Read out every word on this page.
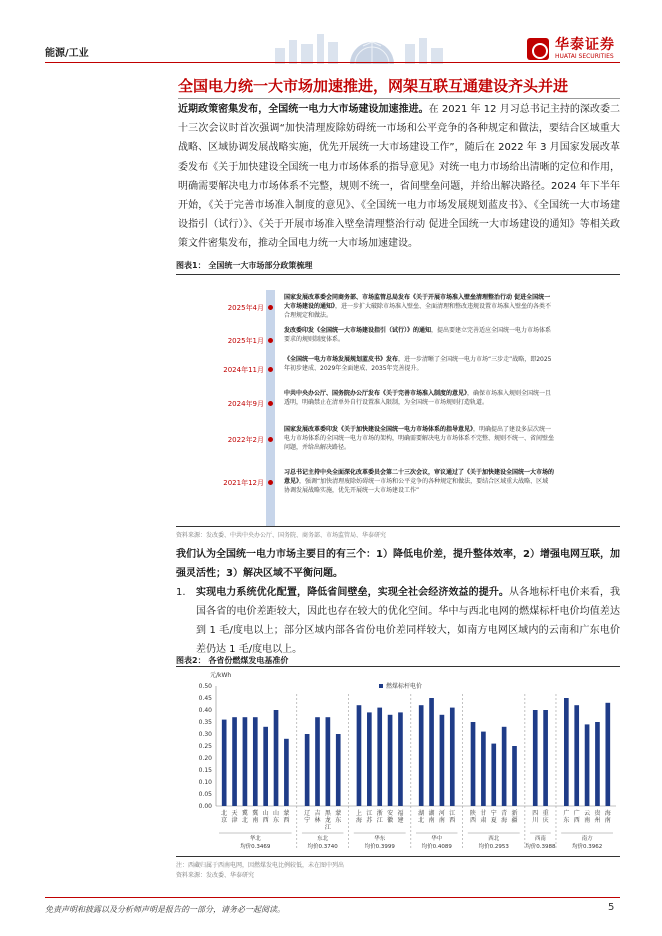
能源/工业
华泰证券
HUATAI SECURITIES
全国电力统一大市场加速推进，网架互联互通建设齐头并进
近期政策密集发布，全国统一电力大市场建设加速推进。在 2021 年 12 月习总书记主持的深改委二十三次会议时首次强调“加快清理废除妨碍统一市场和公平竞争的各种规定和做法，要结合区域重大战略、区域协调发展战略实施，优先开展统一大市场建设工作”，随后在 2022 年 3 月国家发展改革委发布《关于加快建设全国统一电力市场体系的指导意见》对统一电力市场给出清晰的定位和作用，明确需要解决电力市场体系不完整，规则不统一，省间壁垒问题，并给出解决路径。2024 年下半年开始，《关于完善市场准入制度的意见》、《全国统一电力市场发展规划蓝皮书》、《全国统一大市场建设指引（试行）》、《关于开展市场准入壁垒清理整治行动 促进全国统一大市场建设的通知》等相关政策文件密集发布，推动全国电力统一大市场加速建设。
图表1： 全国统一大市场部分政策梳理
2025年4月
国家发展改革委会同商务部、市场监管总局发布《关于开展市场准入壁垒清理整治行动 促进全国统一大市场建设的通知》，进一步扩大破除市场准入壁垒、全面清理和整改违规设置市场准入壁垒的各类不合理规定和做法。
2025年1月
发改委印发《全国统一大市场建设指引（试行）》的通知，提出要建立完善适应全国统一电力市场体系要求的规则制度体系。
2024年11月
《全国统一电力市场发展规划蓝皮书》发布，进一步清晰了全国统一电力市场“三步走”战略，即2025年初步建成、2029年全面建成、2035年完善提升。
2024年9月
中共中央办公厅、国务院办公厅发布《关于完善市场准入制度的意见》，确保市场准入规则全国统一且透明，明确禁止在清单外自行设置准入限制，为全国统一市场规则打造轨道。
2022年2月
国家发展改革委印发《关于加快建设全国统一电力市场体系的指导意见》，明确提出了建设多层次统一电力市场体系的全国统一电力市场的架构，明确需要解决电力市场体系不完整、规则不统一、省间壁垒问题，并给出解决路径。
2021年12月
习总书记主持中央全面深化改革委员会第二十三次会议，审议通过了《关于加快建设全国统一大市场的意见》，强调“加快清理废除妨碍统一市场和公平竞争的各种规定和做法，要结合区域重大战略、区域协调发展战略实施，优先开展统一大市场建设工作”
资料来源：发改委、中共中央办公厅、国务院、商务部、市场监管局、华泰研究
我们认为全国统一电力市场主要目的有三个：1）降低电价差，提升整体效率，2）增强电网互联，加强灵活性；3）解决区域不平衡问题。
1. 实现电力系统优化配置，降低省间壁垒，实现全社会经济效益的提升。从各地标杆电价来看，我国各省的电价差距较大，因此也存在较大的优化空间。华中与西北电网的燃煤标杆电价均值差达到 1 毛/度电以上；部分区域内部各省份电价差同样较大，如南方电网区域内的云南和广东电价差仍达 1 毛/度电以上。
图表2： 各省份燃煤发电基准价
元/kWh
0.00
0.05
0.10
0.15
0.20
0.25
0.30
0.35
0.40
0.45
0.50	燃煤标杆电价
北
京
天
津
冀
北
冀
南
山
西
山
东
蒙
西
华北
均价0.3469
辽
宁
吉
林
黑
龙
江
蒙
东
东北
均价0.3740
上
海
江
苏
浙
江
安
徽
福
建
华东
均价0.3999
湖
北
湖
南
河
南
江
西
华中
均价0.4089
陕
西
甘
肃
宁
夏
青
海
新
疆
西北
均价0.2953
四
川
重
庆
西南
均价0.3988
广
东
广
西
云
南
贵
州
海
南
南方
均价0.3962
注：西藏归属于西南电网，因燃煤发电比例较低，未在图中列出
资料来源：发改委、华泰研究
免责声明和披露以及分析师声明是报告的一部分，请务必一起阅读。	5
